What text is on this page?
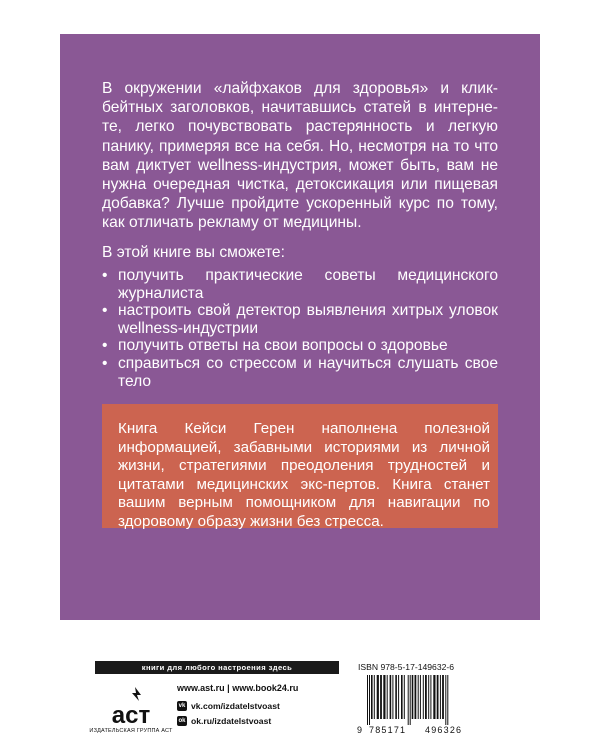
В окружении «лайфхаков для здоровья» и клик-бейтных заголовков, начитавшись статей в интерне-те, легко почувствовать растерянность и легкую панику, примеряя все на себя. Но, несмотря на то что вам диктует wellness-индустрия, может быть, вам не нужна очередная чистка, детоксикация или пищевая добавка? Лучше пройдите ускоренный курс по тому, как отличать рекламу от медицины.

В этой книге вы сможете:

• получить практические советы медицинского журналиста
• настроить свой детектор выявления хитрых уловок wellness-индустрии
• получить ответы на свои вопросы о здоровье
• справиться со стрессом и научиться слушать свое тело

Книга Кейси Герен наполнена полезной информацией, забавными историями из личной жизни, стратегиями преодоления трудностей и цитатами медицинских экс-пертов. Книга станет вашим верным помощником для навигации по здоровому образу жизни без стресса.

книги для любого настроения здесь
аст
ИЗДАТЕЛЬСКАЯ ГРУППА АСТ
www.ast.ru | www.book24.ru
vk vk.com/izdatelstvoast
ok ok.ru/izdatelstvoast
ISBN 978-5-17-149632-6
9 785171 496326
